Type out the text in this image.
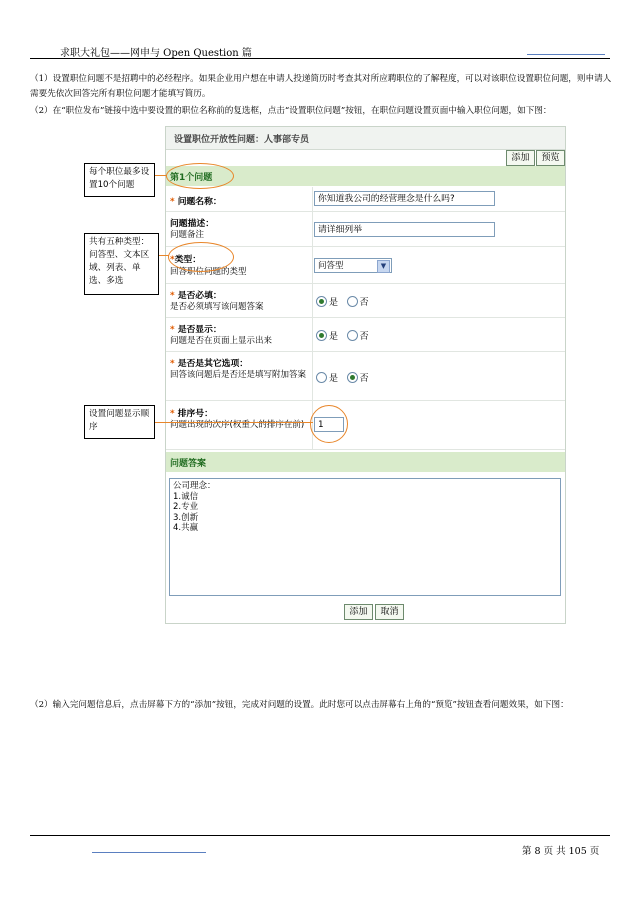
求职大礼包——网申与 Open Question 篇
（1）设置职位问题不是招聘中的必经程序。如果企业用户想在申请人投递简历时考查其对所应聘职位的了解程度，可以对该职位设置职位问题，则申请人需要先依次回答完所有职位问题才能填写简历。
（2）在“职位发布”链接中选中要设置的职位名称前的复选框，点击“设置职位问题”按钮，在职位问题设置页面中输入职位问题，如下图：
设置职位开放性问题：人事部专员
添加	预览
第1个问题
* 问题名称：	你知道我公司的经营理念是什么吗?
问题描述：
问题备注	请详细列举
*类型：
回答职位问题的类型
问答型	▼
* 是否必填：
是否必须填写该问题答案	是 否
* 是否显示：
问题是否在页面上显示出来	是 否
* 是否是其它选项：
回答该问题后是否还是填写附加答案	是 否
* 排序号：
问题出现的次序(权重大的排序在前)	1
问题答案
公司理念：
1.诚信
2.专业
3.创新
4.共赢
添加	取消
每个职位最多设置10个问题
共有五种类型：问答型、文本区域、列表、单选、多选
设置问题显示顺序
（2）输入完问题信息后，点击屏幕下方的“添加”按钮，完成对问题的设置。此时您可以点击屏幕右上角的“预览”按钮查看问题效果，如下图：
第 8 页 共 105 页
